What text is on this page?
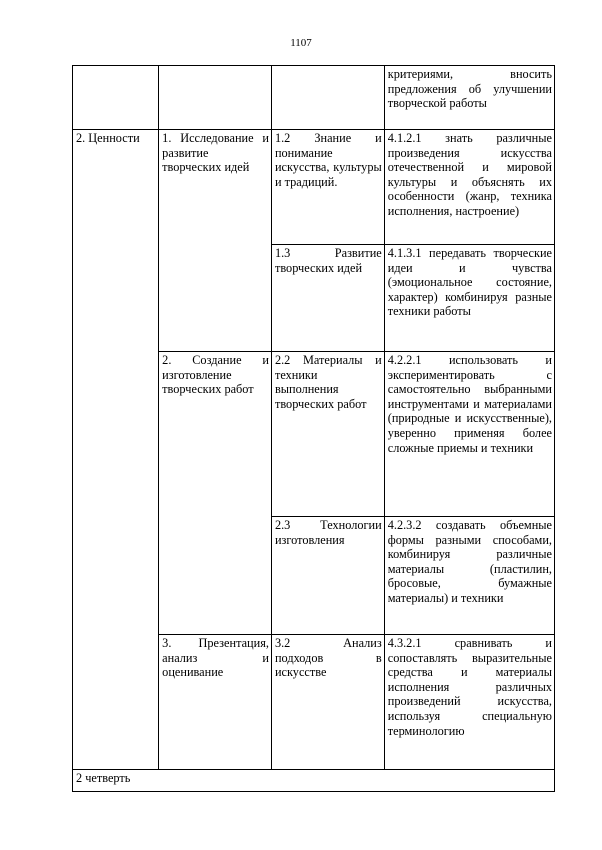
1107
			критериями, вносить предложения об улучшении творческой работы
2. Ценности	1. Исследование и развитие творческих идей	1.2 Знание и понимание искусства, культуры и традиций.	4.1.2.1 знать различные произведения искусства отечественной и мировой культуры и объяснять их особенности (жанр, техника исполнения, настроение)
		1.3 Развитие творческих идей	4.1.3.1 передавать творческие идеи и чувства (эмоциональное состояние, характер) комбинируя разные техники работы
	2. Создание и изготовление творческих работ	2.2 Материалы и техники выполнения творческих работ	4.2.2.1 использовать и экспериментировать с самостоятельно выбранными инструментами и материалами (природные и искусственные), уверенно применяя более сложные приемы и техники
		2.3 Технологии изготовления	4.2.3.2 создавать объемные формы разными способами, комбинируя различные материалы (пластилин, бросовые, бумажные материалы) и техники
	3. Презентация, анализ и оценивание	3.2 Анализ подходов в искусстве	4.3.2.1 сравнивать и сопоставлять выразительные средства и материалы исполнения различных произведений искусства, используя специальную терминологию
2 четверть			
